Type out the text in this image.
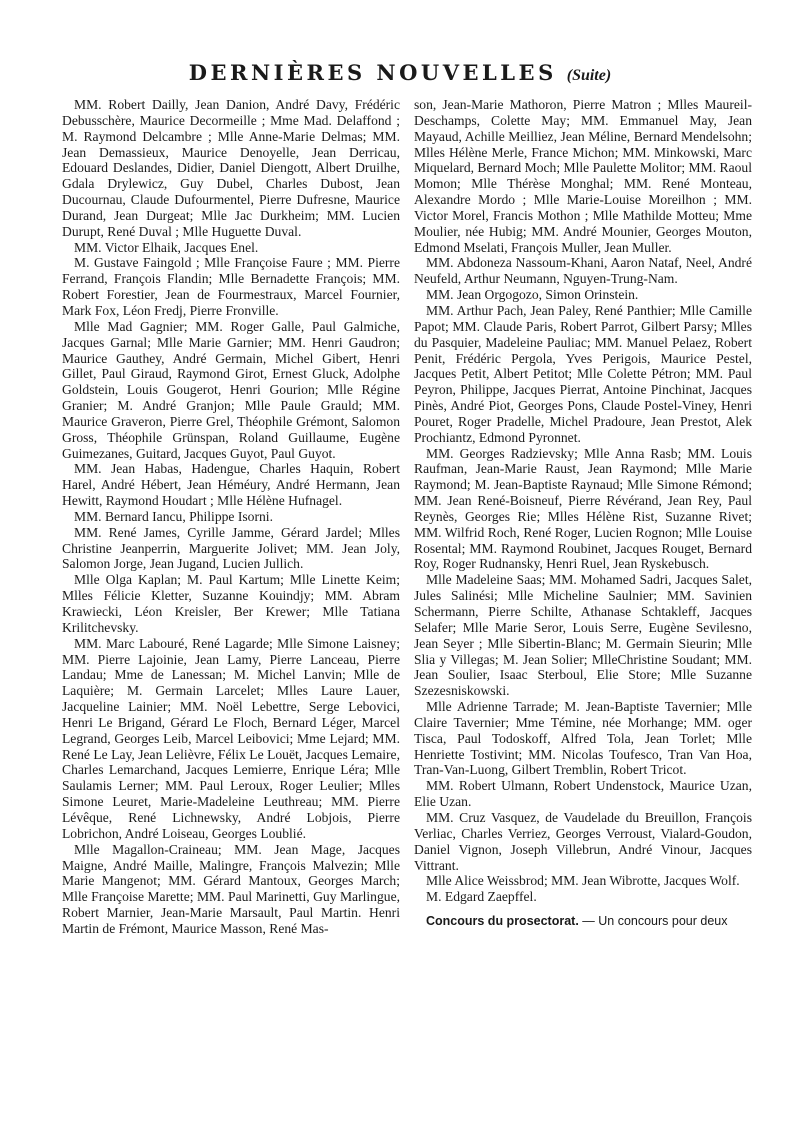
DERNIÈRES NOUVELLES (Suite)

MM. Robert Dailly, Jean Danion, André Davy, Frédéric Debusschère, Maurice Decormeille ; Mme Mad. Delaffond ; M. Raymond Delcambre ; Mlle Anne-Marie Delmas; MM. Jean Demassieux, Maurice Denoyelle, Jean Derricau, Edouard Deslandes, Didier, Daniel Diengott, Albert Druilhe, Gdala Drylewicz, Guy Dubel, Charles Dubost, Jean Ducournau, Claude Dufourmentel, Pierre Dufresne, Maurice Durand, Jean Durgeat; Mlle Jac Durkheim; MM. Lucien Durupt, René Duval ; Mlle Huguette Duval.

MM. Victor Elhaik, Jacques Enel.

M. Gustave Faingold ; Mlle Françoise Faure ; MM. Pierre Ferrand, François Flandin; Mlle Bernadette François; MM. Robert Forestier, Jean de Fourmestraux, Marcel Fournier, Mark Fox, Léon Fredj, Pierre Fronville.

Mlle Mad Gagnier; MM. Roger Galle, Paul Galmiche, Jacques Garnal; Mlle Marie Garnier; MM. Henri Gaudron; Maurice Gauthey, André Germain, Michel Gibert, Henri Gillet, Paul Giraud, Raymond Girot, Ernest Gluck, Adolphe Goldstein, Louis Gougerot, Henri Gourion; Mlle Régine Granier; M. André Granjon; Mlle Paule Grauld; MM. Maurice Graveron, Pierre Grel, Théophile Grémont, Salomon Gross, Théophile Grünspan, Roland Guillaume, Eugène Guimezanes, Guitard, Jacques Guyot, Paul Guyot.

MM. Jean Habas, Hadengue, Charles Haquin, Robert Harel, André Hébert, Jean Héméury, André Hermann, Jean Hewitt, Raymond Houdart ; Mlle Hélène Hufnagel.

MM. Bernard Iancu, Philippe Isorni.

MM. René James, Cyrille Jamme, Gérard Jardel; Mlles Christine Jeanperrin, Marguerite Jolivet; MM. Jean Joly, Salomon Jorge, Jean Jugand, Lucien Jullich.

Mlle Olga Kaplan; M. Paul Kartum; Mlle Linette Keim; Mlles Félicie Kletter, Suzanne Kouindjy; MM. Abram Krawiecki, Léon Kreisler, Ber Krewer; Mlle Tatiana Krilitchevsky.

MM. Marc Labouré, René Lagarde; Mlle Simone Laisney; MM. Pierre Lajoinie, Jean Lamy, Pierre Lanceau, Pierre Landau; Mme de Lanessan; M. Michel Lanvin; Mlle de Laquière; M. Germain Larcelet; Mlles Laure Lauer, Jacqueline Lainier; MM. Noël Lebettre, Serge Lebovici, Henri Le Brigand, Gérard Le Floch, Bernard Léger, Marcel Legrand, Georges Leib, Marcel Leibovici; Mme Lejard; MM. René Le Lay, Jean Lelièvre, Félix Le Louët, Jacques Lemaire, Charles Lemarchand, Jacques Lemierre, Enrique Léra; Mlle Saulamis Lerner; MM. Paul Leroux, Roger Leulier; Mlles Simone Leuret, Marie-Madeleine Leuthreau; MM. Pierre Lévêque, René Lichnewsky, André Lobjois, Pierre Lobrichon, André Loiseau, Georges Loublié.

Mlle Magallon-Craineau; MM. Jean Mage, Jacques Maigne, André Maille, Malingre, François Malvezin; Mlle Marie Mangenot; MM. Gérard Mantoux, Georges March; Mlle Françoise Marette; MM. Paul Marinetti, Guy Marlingue, Robert Marnier, Jean-Marie Marsault, Paul Martin. Henri Martin de Frémont, Maurice Masson, René Mas-

son, Jean-Marie Mathoron, Pierre Matron ; Mlles Maureil-Deschamps, Colette May; MM. Emmanuel May, Jean Mayaud, Achille Meilliez, Jean Méline, Bernard Mendelsohn; Mlles Hélène Merle, France Michon; MM. Minkowski, Marc Miquelard, Bernard Moch; Mlle Paulette Molitor; MM. Raoul Momon; Mlle Thérèse Monghal; MM. René Monteau, Alexandre Mordo ; Mlle Marie-Louise Moreilhon ; MM. Victor Morel, Francis Mothon ; Mlle Mathilde Motteu; Mme Moulier, née Hubig; MM. André Mounier, Georges Mouton, Edmond Mselati, François Muller, Jean Muller.

MM. Abdoneza Nassoum-Khani, Aaron Nataf, Neel, André Neufeld, Arthur Neumann, Nguyen-Trung-Nam.

MM. Jean Orgogozo, Simon Orinstein.

MM. Arthur Pach, Jean Paley, René Panthier; Mlle Camille Papot; MM. Claude Paris, Robert Parrot, Gilbert Parsy; Mlles du Pasquier, Madeleine Pauliac; MM. Manuel Pelaez, Robert Penit, Frédéric Pergola, Yves Perigois, Maurice Pestel, Jacques Petit, Albert Petitot; Mlle Colette Pétron; MM. Paul Peyron, Philippe, Jacques Pierrat, Antoine Pinchinat, Jacques Pinès, André Piot, Georges Pons, Claude Postel-Viney, Henri Pouret, Roger Pradelle, Michel Pradoure, Jean Prestot, Alek Prochiantz, Edmond Pyronnet.

MM. Georges Radzievsky; Mlle Anna Rasb; MM. Louis Raufman, Jean-Marie Raust, Jean Raymond; Mlle Marie Raymond; M. Jean-Baptiste Raynaud; Mlle Simone Rémond; MM. Jean René-Boisneuf, Pierre Révérand, Jean Rey, Paul Reynès, Georges Rie; Mlles Hélène Rist, Suzanne Rivet; MM. Wilfrid Roch, René Roger, Lucien Rognon; Mlle Louise Rosental; MM. Raymond Roubinet, Jacques Rouget, Bernard Roy, Roger Rudnansky, Henri Ruel, Jean Ryskebusch.

Mlle Madeleine Saas; MM. Mohamed Sadri, Jacques Salet, Jules Salinési; Mlle Micheline Saulnier; MM. Savinien Schermann, Pierre Schilte, Athanase Schtakleff, Jacques Selafer; Mlle Marie Seror, Louis Serre, Eugène Sevilesno, Jean Seyer ; Mlle Sibertin-Blanc; M. Germain Sieurin; Mlle Slia y Villegas; M. Jean Solier; MlleChristine Soudant; MM. Jean Soulier, Isaac Sterboul, Elie Store; Mlle Suzanne Szezesniskowski.

Mlle Adrienne Tarrade; M. Jean-Baptiste Tavernier; Mlle Claire Tavernier; Mme Témine, née Morhange; MM. oger Tisca, Paul Todoskoff, Alfred Tola, Jean Torlet; Mlle Henriette Tostivint; MM. Nicolas Toufesco, Tran Van Hoa, Tran-Van-Luong, Gilbert Tremblin, Robert Tricot.

MM. Robert Ulmann, Robert Undenstock, Maurice Uzan, Elie Uzan.

MM. Cruz Vasquez, de Vaudelade du Breuillon, François Verliac, Charles Verriez, Georges Verroust, Vialard-Goudon, Daniel Vignon, Joseph Villebrun, André Vinour, Jacques Vittrant.

Mlle Alice Weissbrod; MM. Jean Wibrotte, Jacques Wolf.

M. Edgard Zaepffel.

Concours du prosectorat. — Un concours pour deux
